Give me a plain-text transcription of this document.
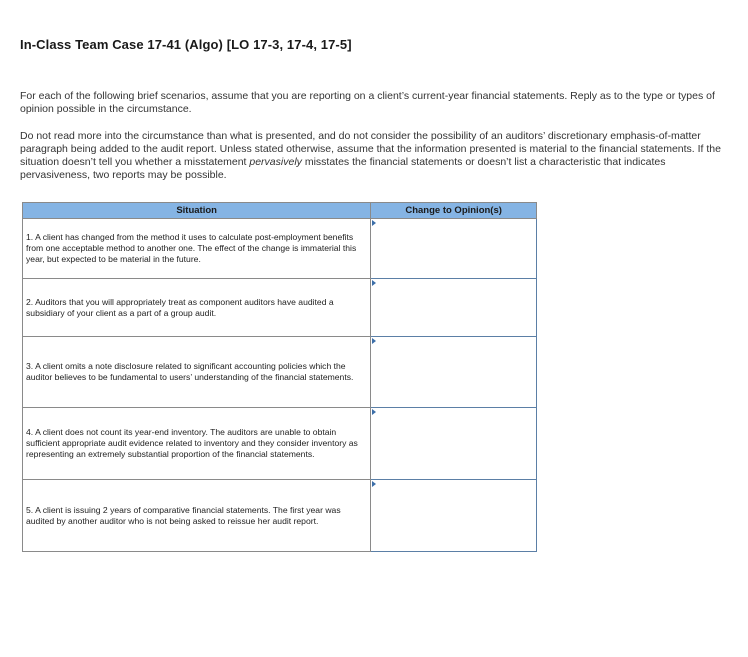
In-Class Team Case 17-41 (Algo) [LO 17-3, 17-4, 17-5]

For each of the following brief scenarios, assume that you are reporting on a client’s current-year financial statements. Reply as to the type or types of opinion possible in the circumstance.

Do not read more into the circumstance than what is presented, and do not consider the possibility of an auditors’ discretionary emphasis-of-matter paragraph being added to the audit report. Unless stated otherwise, assume that the information presented is material to the financial statements. If the situation doesn’t tell you whether a misstatement pervasively misstates the financial statements or doesn’t list a characteristic that indicates pervasiveness, two reports may be possible.

Situation	Change to Opinion(s)
1. A client has changed from the method it uses to calculate post-employment benefits from one acceptable method to another one. The effect of the change is immaterial this year, but expected to be material in the future.	

2. Auditors that you will appropriately treat as component auditors have audited a subsidiary of your client as a part of a group audit.	

3. A client omits a note disclosure related to significant accounting policies which the auditor believes to be fundamental to users’ understanding of the financial statements.	

4. A client does not count its year-end inventory. The auditors are unable to obtain sufficient appropriate audit evidence related to inventory and they consider inventory as representing an extremely substantial proportion of the financial statements.	

5. A client is issuing 2 years of comparative financial statements. The first year was audited by another auditor who is not being asked to reissue her audit report.	
